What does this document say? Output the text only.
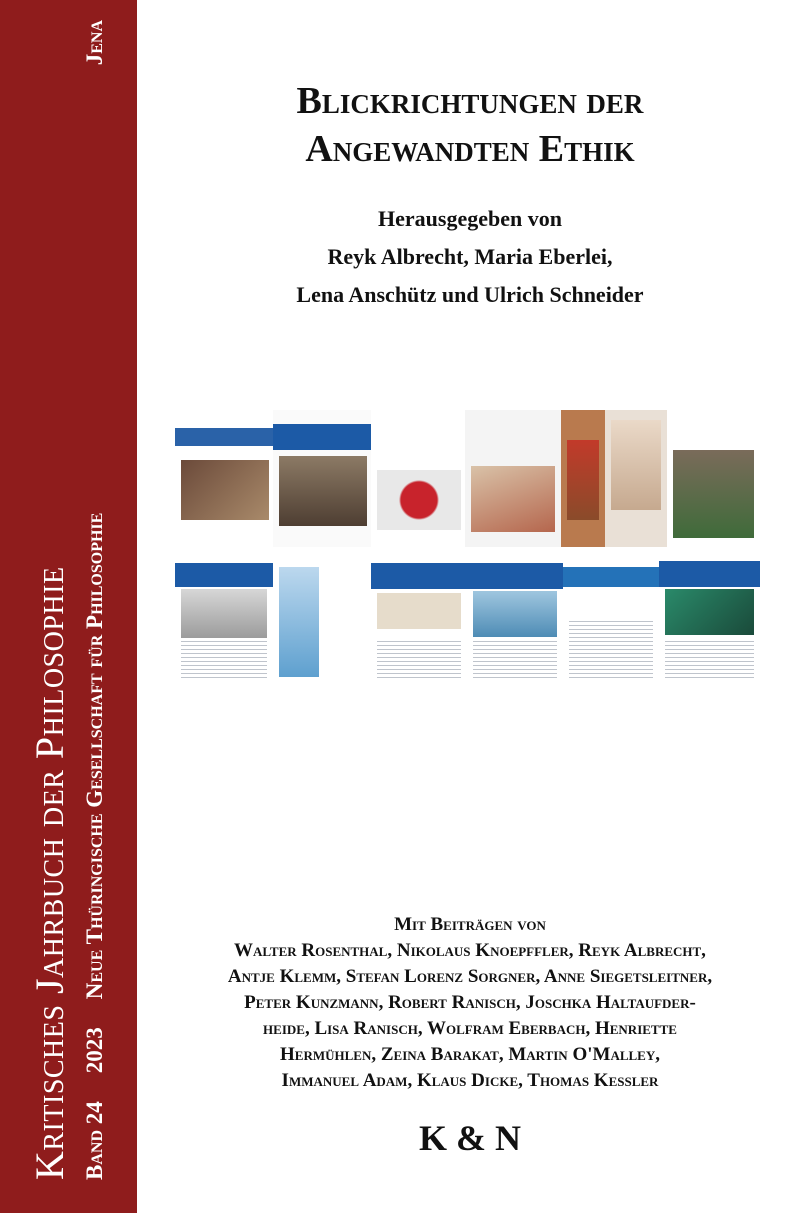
Kritisches Jahrbuch der Philosophie Band 24
2023
Neue Thüringische Gesellschaft für Philosophie
Jena
Blickrichtungen der
Angewandten Ethik
Herausgegeben von
Reyk Albrecht, Maria Eberlei,
Lena Anschütz und Ulrich Schneider
Mit Beiträgen von
Walter Rosenthal, Nikolaus Knoepffler, Reyk Albrecht,
Antje Klemm, Stefan Lorenz Sorgner, Anne Siegetsleitner,
Peter Kunzmann, Robert Ranisch, Joschka Haltaufder-
heide, Lisa Ranisch, Wolfram Eberbach, Henriette
Hermühlen, Zeina Barakat, Martin O'Malley,
Immanuel Adam, Klaus Dicke, Thomas Kessler
K & N
